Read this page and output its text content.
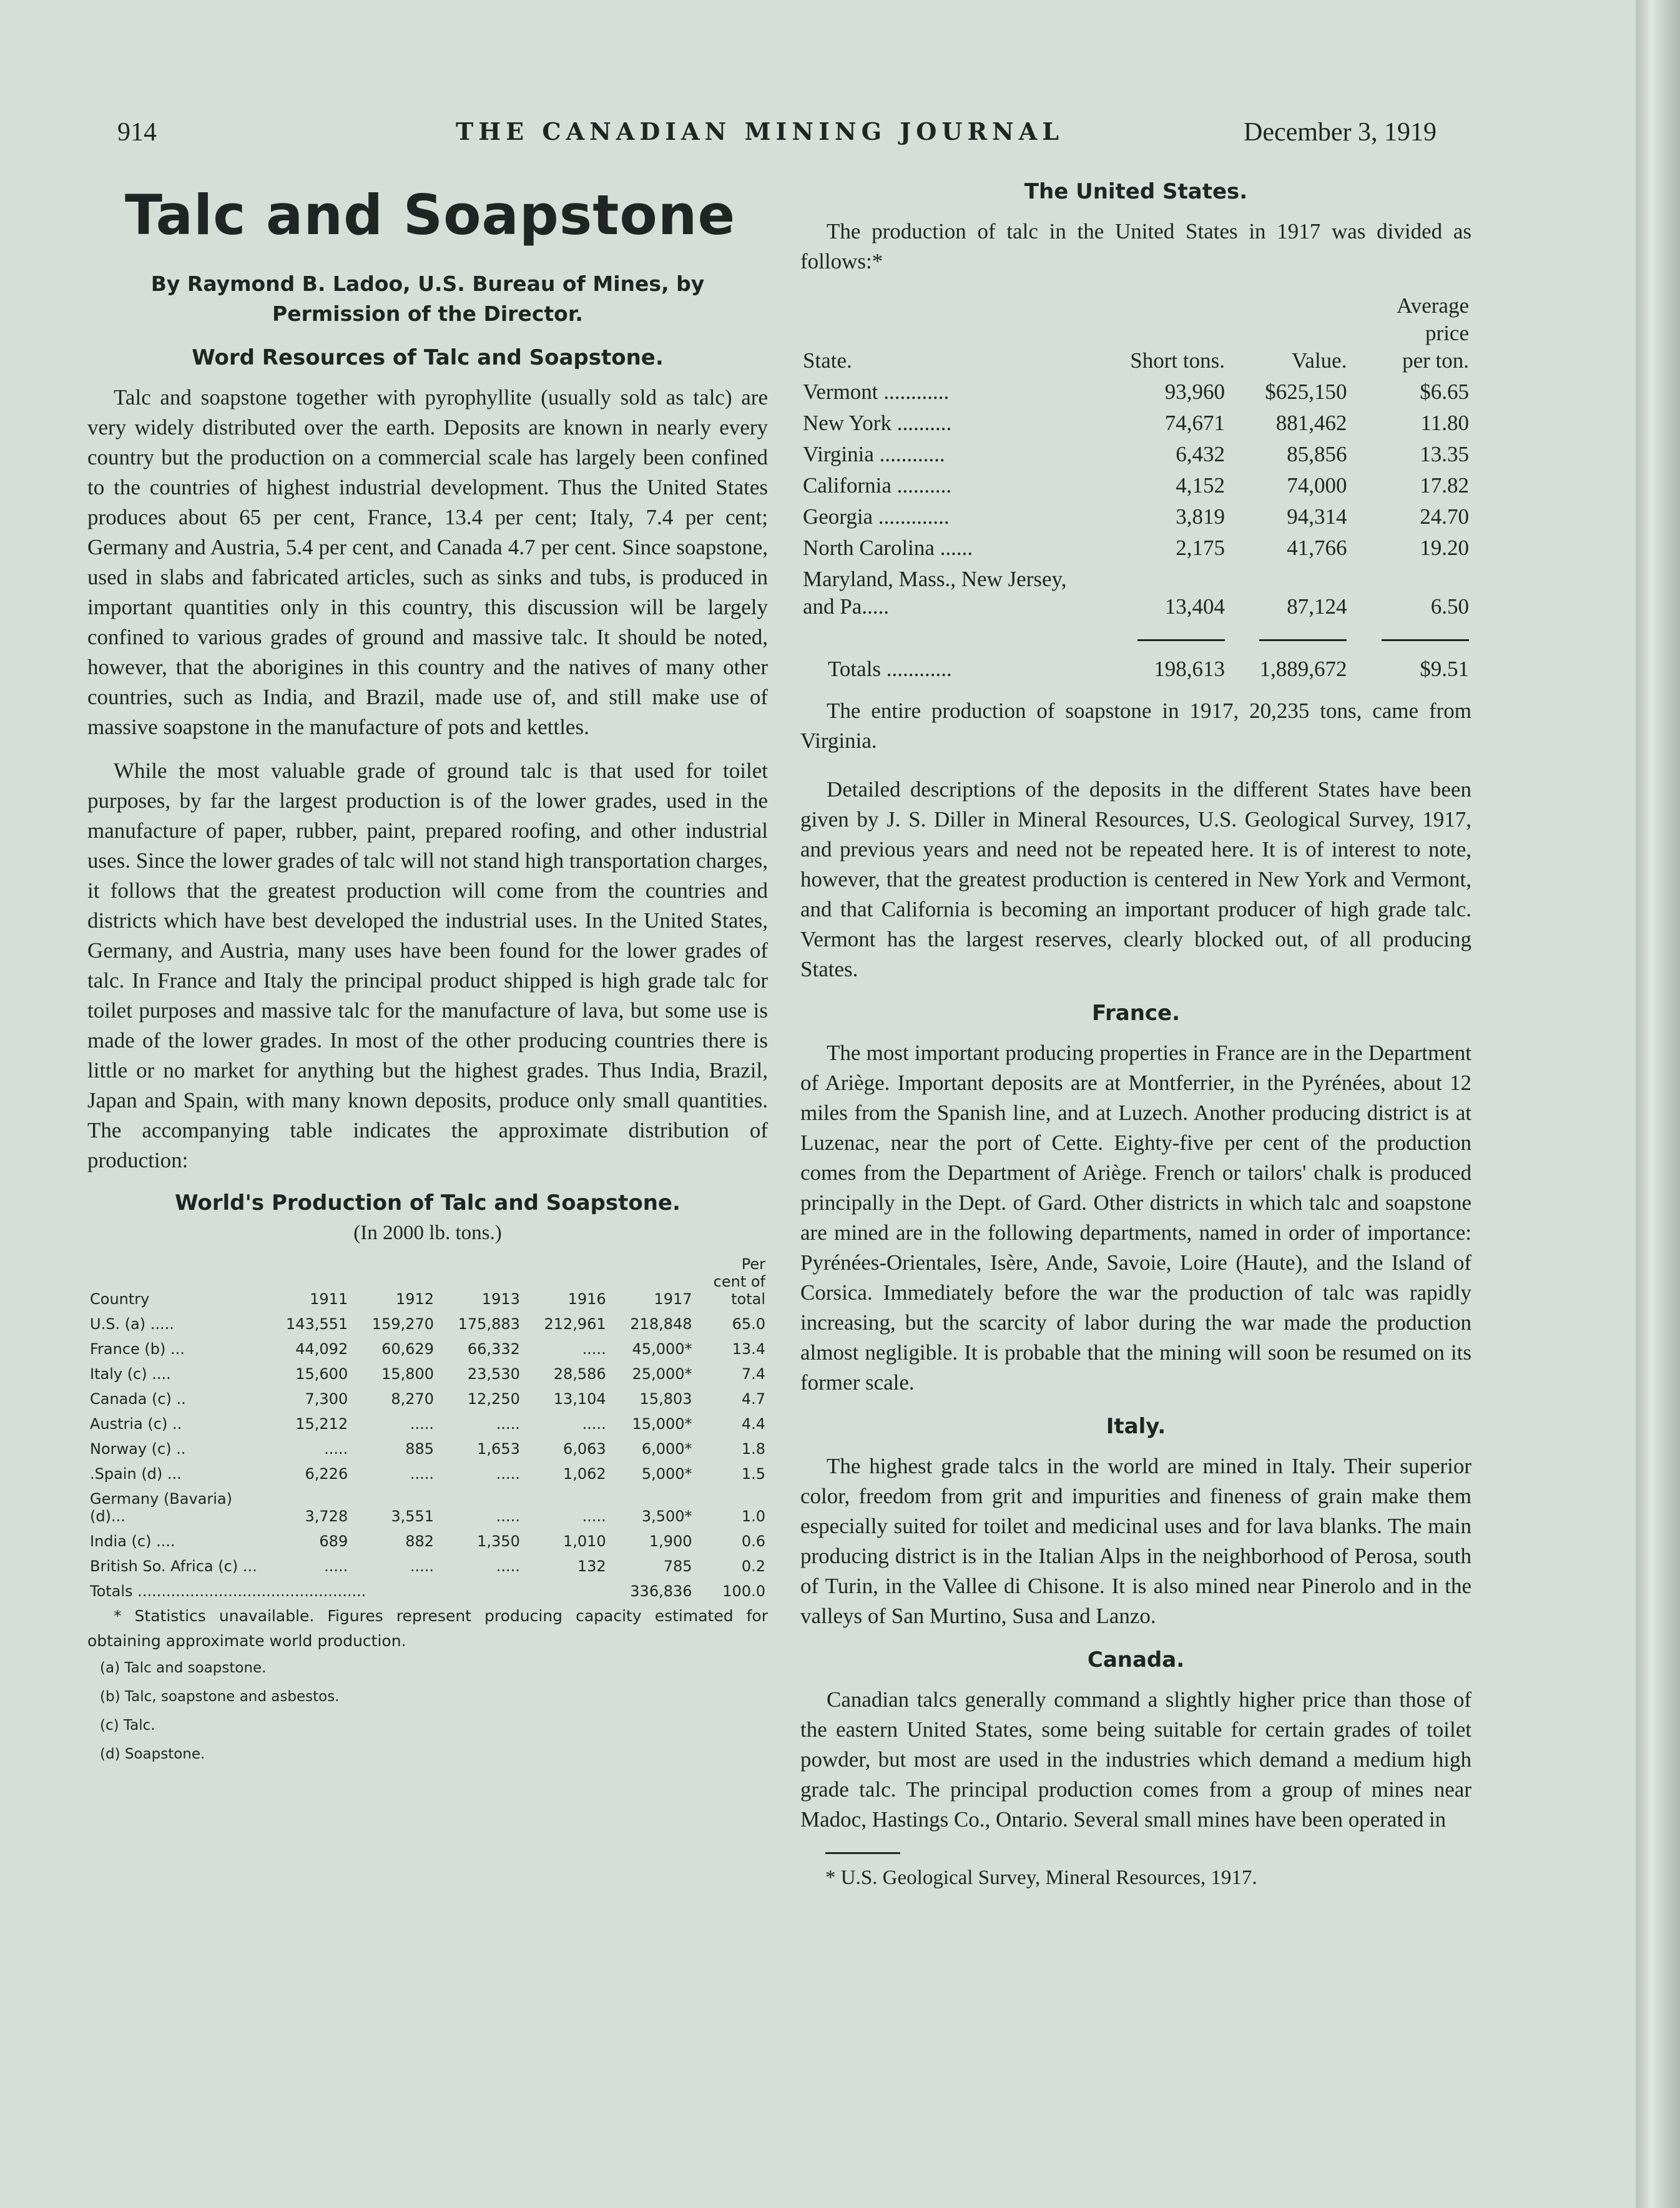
914	THE CANADIAN MINING JOURNAL	December 3, 1919
Talc and Soapstone
By Raymond B. Ladoo, U.S. Bureau of Mines, by Permission of the Director.
Word Resources of Talc and Soapstone.

Talc and soapstone together with pyrophyllite (usually sold as talc) are very widely distributed over the earth. Deposits are known in nearly every country but the production on a commercial scale has largely been confined to the countries of highest industrial development. Thus the United States produces about 65 per cent, France, 13.4 per cent; Italy, 7.4 per cent; Germany and Austria, 5.4 per cent, and Canada 4.7 per cent. Since soapstone, used in slabs and fabricated articles, such as sinks and tubs, is produced in important quantities only in this country, this discussion will be largely confined to various grades of ground and massive talc. It should be noted, however, that the aborigines in this country and the natives of many other countries, such as India, and Brazil, made use of, and still make use of massive soapstone in the manufacture of pots and kettles.

While the most valuable grade of ground talc is that used for toilet purposes, by far the largest production is of the lower grades, used in the manufacture of paper, rubber, paint, prepared roofing, and other industrial uses. Since the lower grades of talc will not stand high transportation charges, it follows that the greatest production will come from the countries and districts which have best developed the industrial uses. In the United States, Germany, and Austria, many uses have been found for the lower grades of talc. In France and Italy the principal product shipped is high grade talc for toilet purposes and massive talc for the manufacture of lava, but some use is made of the lower grades. In most of the other producing countries there is little or no market for anything but the highest grades. Thus India, Brazil, Japan and Spain, with many known deposits, produce only small quantities. The accompanying table indicates the approximate distribution of production:

World's Production of Talc and Soapstone.
(In 2000 lb. tons.)
Country	1911	1912	1913	1916	1917	Per
cent of
total

U.S. (a) .....	143,551	159,270	175,883	212,961	218,848	65.0
France (b) ...	44,092	60,629	66,332	.....	45,000*	13.4
Italy (c) ....	15,600	15,800	23,530	28,586	25,000*	7.4
Canada (c) ..	7,300	8,270	12,250	13,104	15,803	4.7
Austria (c) ..	15,212	.....	.....	.....	15,000*	4.4
Norway (c) ..	.....	885	1,653	6,063	6,000*	1.8
.Spain (d) ...	6,226	.....	.....	1,062	5,000*	1.5
Germany (Bavaria) (d)...	3,728	3,551	.....	.....	3,500*	1.0
India (c) ....	689	882	1,350	1,010	1,900	0.6
British So. Africa (c) ...	.....	.....	.....	132	785	0.2
Totals ................................................					336,836	100.0

* Statistics unavailable. Figures represent producing capacity estimated for obtaining approximate world production.

(a) Talc and soapstone.
(b) Talc, soapstone and asbestos.
(c) Talc.
(d) Soapstone.
The United States.

The production of talc in the United States in 1917 was divided as follows:*

State.	Short tons.	Value.	Average
price
per ton.

Vermont ............	93,960	$625,150	$6.65
New York ..........	74,671	881,462	11.80
Virginia ............	6,432	85,856	13.35
California ..........	4,152	74,000	17.82
Georgia .............	3,819	94,314	24.70
North Carolina ......	2,175	41,766	19.20
Maryland, Mass., New Jersey, and Pa.....	13,404	87,124	6.50

Totals ............	198,613	1,889,672	$9.51

The entire production of soapstone in 1917, 20,235 tons, came from Virginia.

Detailed descriptions of the deposits in the different States have been given by J. S. Diller in Mineral Resources, U.S. Geological Survey, 1917, and previous years and need not be repeated here. It is of interest to note, however, that the greatest production is centered in New York and Vermont, and that California is becoming an important producer of high grade talc. Vermont has the largest reserves, clearly blocked out, of all producing States.

France.

The most important producing properties in France are in the Department of Ariège. Important deposits are at Montferrier, in the Pyrénées, about 12 miles from the Spanish line, and at Luzech. Another producing district is at Luzenac, near the port of Cette. Eighty-five per cent of the production comes from the Department of Ariège. French or tailors' chalk is produced principally in the Dept. of Gard. Other districts in which talc and soapstone are mined are in the following departments, named in order of importance: Pyrénées-Orientales, Isère, Ande, Savoie, Loire (Haute), and the Island of Corsica. Immediately before the war the production of talc was rapidly increasing, but the scarcity of labor during the war made the production almost negligible. It is probable that the mining will soon be resumed on its former scale.

Italy.

The highest grade talcs in the world are mined in Italy. Their superior color, freedom from grit and impurities and fineness of grain make them especially suited for toilet and medicinal uses and for lava blanks. The main producing district is in the Italian Alps in the neighborhood of Perosa, south of Turin, in the Vallee di Chisone. It is also mined near Pinerolo and in the valleys of San Murtino, Susa and Lanzo.

Canada.

Canadian talcs generally command a slightly higher price than those of the eastern United States, some being suitable for certain grades of toilet powder, but most are used in the industries which demand a medium high grade talc. The principal production comes from a group of mines near Madoc, Hastings Co., Ontario. Several small mines have been operated in

* U.S. Geological Survey, Mineral Resources, 1917.
